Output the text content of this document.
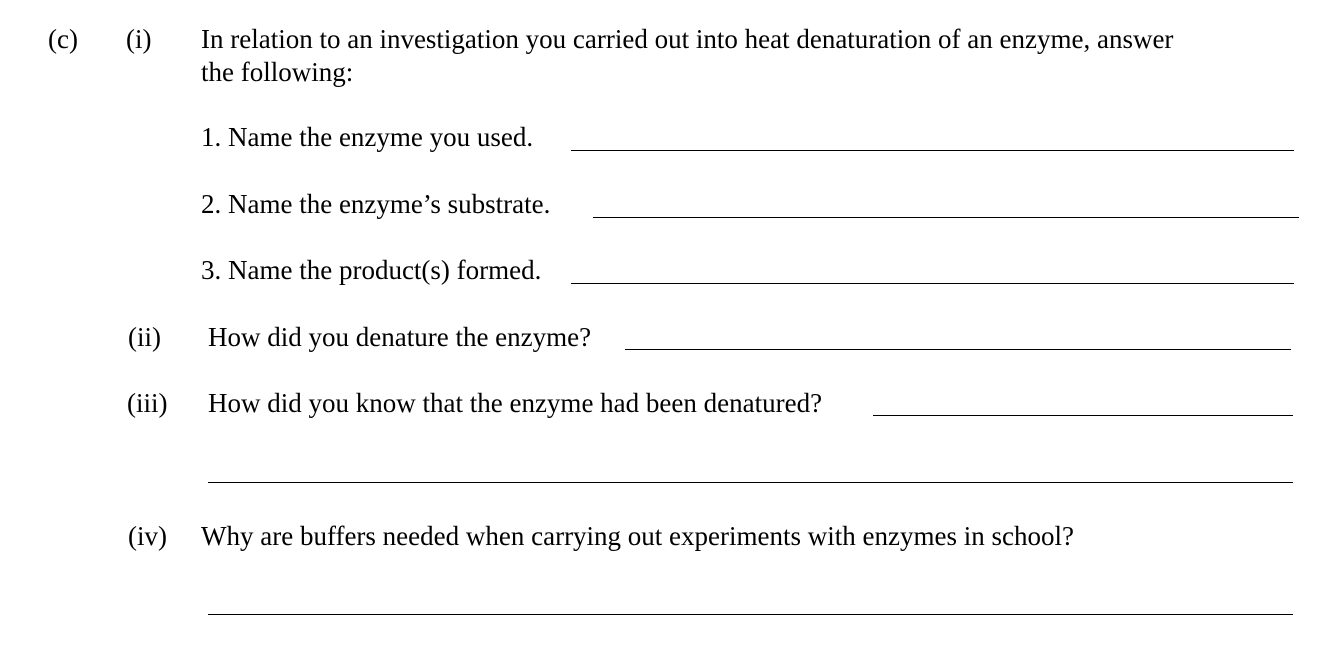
(c) (i) In relation to an investigation you carried out into heat denaturation of an enzyme, answer
the following:
1. Name the enzyme you used.
2. Name the enzyme’s substrate.
3. Name the product(s) formed.
(ii) How did you denature the enzyme?
(iii) How did you know that the enzyme had been denatured?
(iv) Why are buffers needed when carrying out experiments with enzymes in school?
